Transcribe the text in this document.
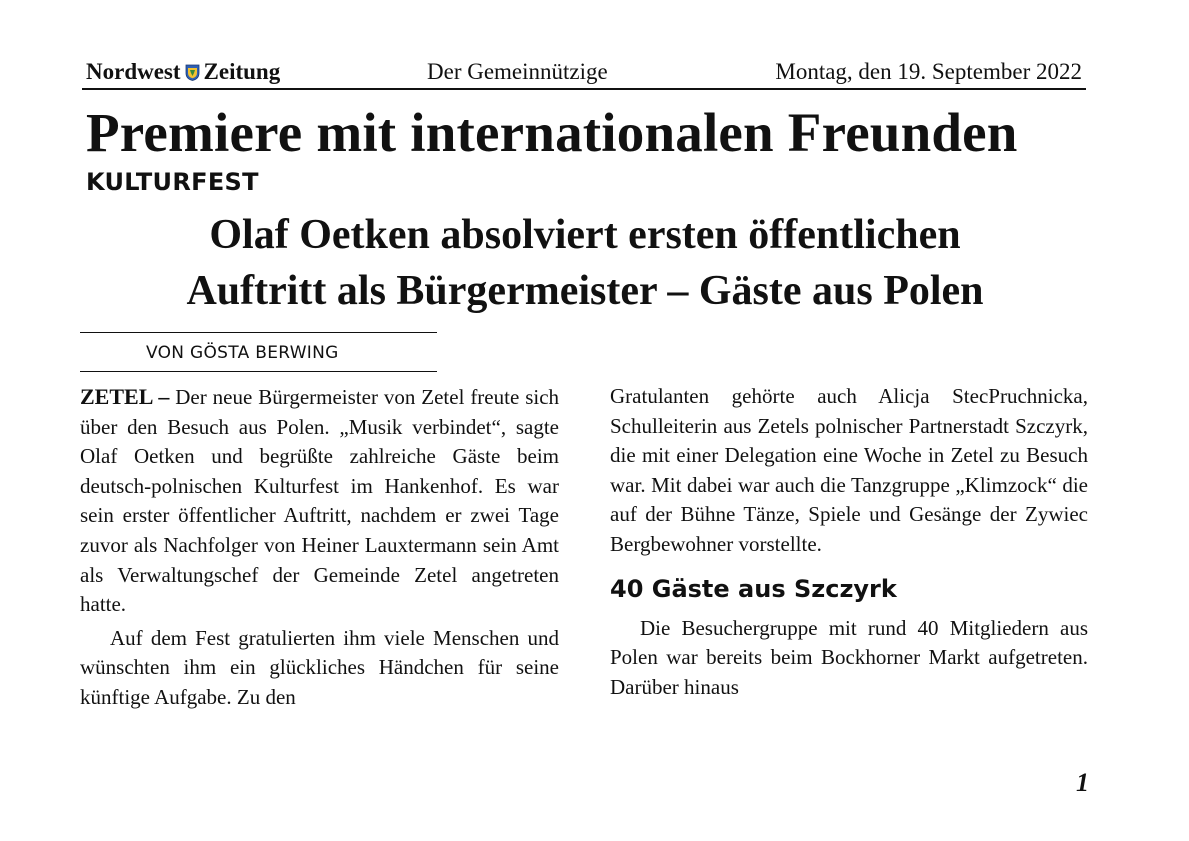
Nordwest Zeitung	Der Gemeinnützige	Montag, den 19. September 2022
Premiere mit internationalen Freunden
KULTURFEST
Olaf Oetken absolviert ersten öffentlichen
Auftritt als Bürgermeister – Gäste aus Polen
VON GÖSTA BERWING

ZETEL – Der neue Bürgermeister von Zetel freute sich über den Besuch aus Polen. „Musik verbindet“, sagte Olaf Oetken und begrüßte zahlreiche Gäste beim deutsch-polnischen Kulturfest im Hankenhof. Es war sein erster öffentlicher Auftritt, nachdem er zwei Tage zuvor als Nachfolger von Heiner Lauxtermann sein Amt als Verwaltungschef der Gemeinde Zetel angetreten hatte.

Auf dem Fest gratulierten ihm viele Menschen und wünschten ihm ein glückliches Händchen für seine künftige Aufgabe. Zu den

Gratulanten gehörte auch Alicja StecPruchnicka, Schulleiterin aus Zetels polnischer Partnerstadt Szczyrk, die mit einer Delegation eine Woche in Zetel zu Besuch war. Mit dabei war auch die Tanzgruppe „Klimzock“ die auf der Bühne Tänze, Spiele und Gesänge der Zywiec Bergbewohner vorstellte.

40 Gäste aus Szczyrk

Die Besuchergruppe mit rund 40 Mitgliedern aus Polen war bereits beim Bockhorner Markt aufgetreten. Darüber hinaus

1
